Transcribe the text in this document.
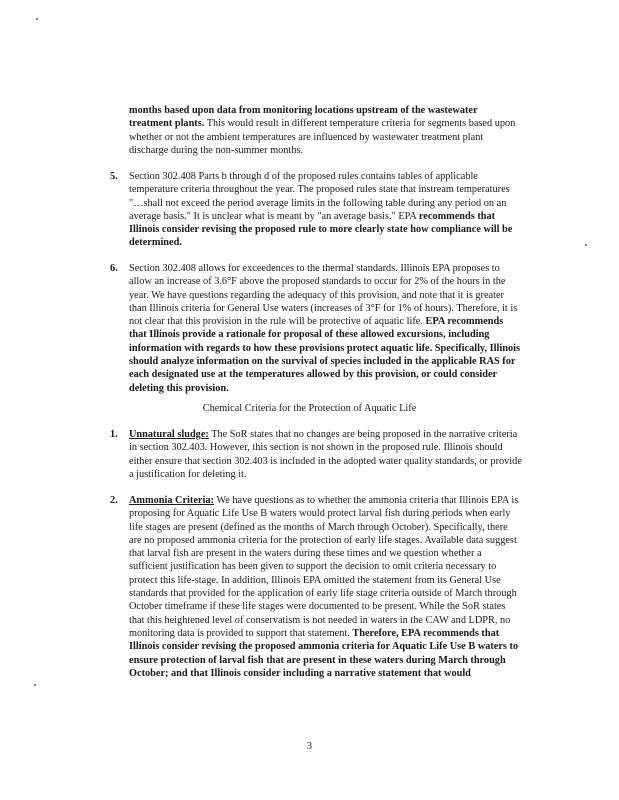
months based upon data from monitoring locations upstream of the wastewater treatment plants. This would result in different temperature criteria for segments based upon whether or not the ambient temperatures are influenced by wastewater treatment plant discharge during the non-summer months.
5. Section 302.408 Parts b through d of the proposed rules contains tables of applicable temperature criteria throughout the year. The proposed rules state that instream temperatures "…shall not exceed the period average limits in the following table during any period on an average basis." It is unclear what is meant by "an average basis." EPA recommends that Illinois consider revising the proposed rule to more clearly state how compliance will be determined.
6. Section 302.408 allows for exceedences to the thermal standards. Illinois EPA proposes to allow an increase of 3.6°F above the proposed standards to occur for 2% of the hours in the year. We have questions regarding the adequacy of this provision, and note that it is greater than Illinois criteria for General Use waters (increases of 3°F for 1% of hours). Therefore, it is not clear that this provision in the rule will be protective of aquatic life. EPA recommends that Illinois provide a rationale for proposal of these allowed excursions, including information with regards to how these provisions protect aquatic life. Specifically, Illinois should analyze information on the survival of species included in the applicable RAS for each designated use at the temperatures allowed by this provision, or could consider deleting this provision.
Chemical Criteria for the Protection of Aquatic Life
1. Unnatural sludge: The SoR states that no changes are being proposed in the narrative criteria in section 302.403. However, this section is not shown in the proposed rule. Illinois should either ensure that section 302.403 is included in the adopted water quality standards, or provide a justification for deleting it.
2. Ammonia Criteria: We have questions as to whether the ammonia criteria that Illinois EPA is proposing for Aquatic Life Use B waters would protect larval fish during periods when early life stages are present (defined as the months of March through October). Specifically, there are no proposed ammonia criteria for the protection of early life stages. Available data suggest that larval fish are present in the waters during these times and we question whether a sufficient justification has been given to support the decision to omit criteria necessary to protect this life-stage. In addition, Illinois EPA omitted the statement from its General Use standards that provided for the application of early life stage criteria outside of March through October timeframe if these life stages were documented to be present. While the SoR states that this heightened level of conservatism is not needed in waters in the CAW and LDPR, no monitoring data is provided to support that statement. Therefore, EPA recommends that Illinois consider revising the proposed ammonia criteria for Aquatic Life Use B waters to ensure protection of larval fish that are present in these waters during March through October; and that Illinois consider including a narrative statement that would
3
